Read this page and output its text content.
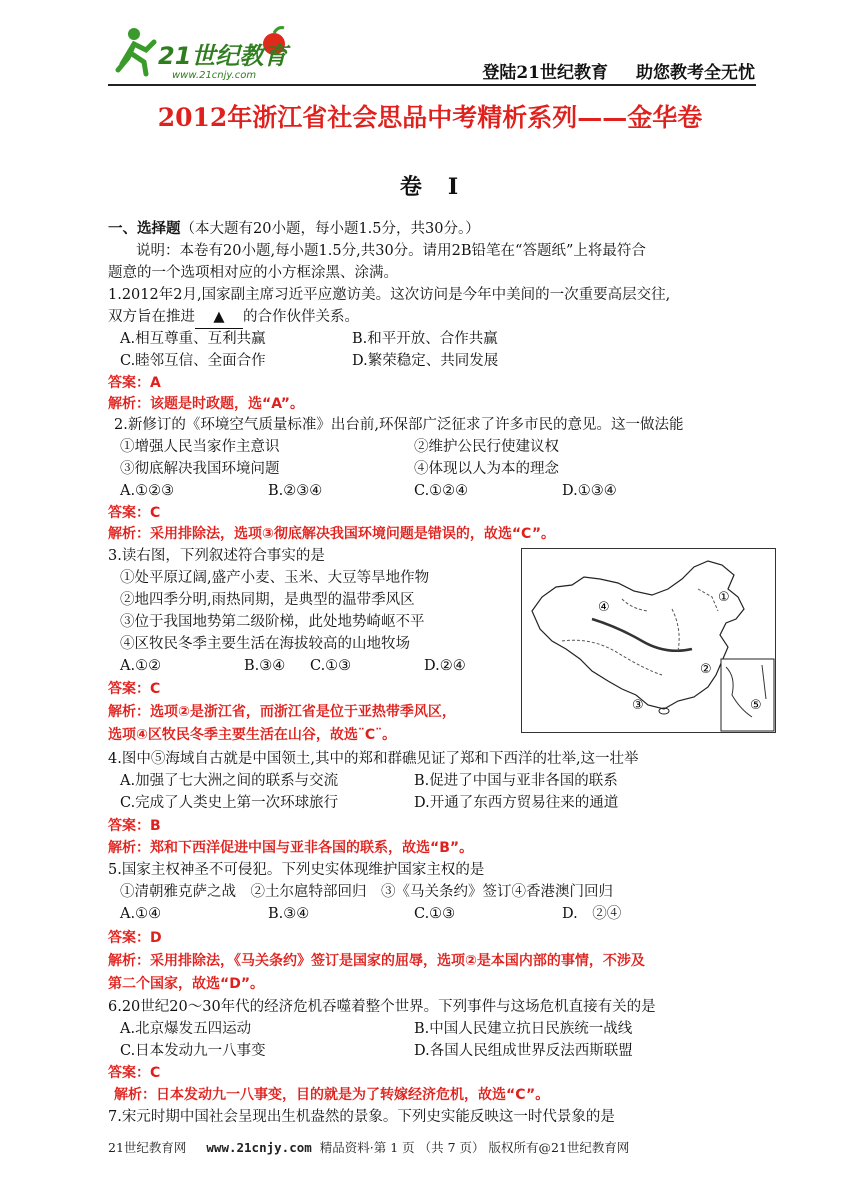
21世纪教育
www.21cnjy.com	登陆21世纪教育 助您教考全无忧
2012年浙江省社会思品中考精析系列——金华卷
卷　I
一、选择题（本大题有20小题，每小题1.5分，共30分。）
说明：本卷有20小题,每小题1.5分,共30分。请用2B铅笔在“答题纸”上将最符合
题意的一个选项相对应的小方框涂黑、涂满。
1.2012年2月,国家副主席习近平应邀访美。这次访问是今年中美间的一次重要高层交往,
双方旨在推进 ▲ 的合作伙伴关系。
A.相互尊重、互利共赢	B.和平开放、合作共赢
C.睦邻互信、全面合作	D.繁荣稳定、共同发展
答案：A
解析：该题是时政题，选“A”。
2.新修订的《环境空气质量标准》出台前,环保部广泛征求了许多市民的意见。这一做法能
①增强人民当家作主意识	②维护公民行使建议权
③彻底解决我国环境问题	④体现以人为本的理念
A.①②③	B.②③④	C.①②④	D.①③④
答案：C
解析：采用排除法，选项③彻底解决我国环境问题是错误的，故选“C”。
3.读右图，下列叙述符合事实的是
①处平原辽阔,盛产小麦、玉米、大豆等旱地作物
②地四季分明,雨热同期，是典型的温带季风区
③位于我国地势第二级阶梯，此处地势崎岖不平
④区牧民冬季主要生活在海拔较高的山地牧场
A.①②	B.③④ C.①③	D.②④
答案：C
解析：选项②是浙江省，而浙江省是位于亚热带季风区，
选项④区牧民冬季主要生活在山谷，故选¨C¨。
④
①
②
③	⑤
4.图中⑤海域自古就是中国领土,其中的郑和群礁见证了郑和下西洋的壮举,这一壮举
A.加强了七大洲之间的联系与交流	B.促进了中国与亚非各国的联系
C.完成了人类史上第一次环球旅行	D.开通了东西方贸易往来的通道
答案：B
解析：郑和下西洋促进中国与亚非各国的联系，故选“B”。
5.国家主权神圣不可侵犯。下列史实体现维护国家主权的是
①清朝雅克萨之战　②土尔扈特部回归　③《马关条约》签订④香港澳门回归
A.①④	B.③④	C.①③	D.　②④
答案：D
解析：采用排除法，《马关条约》签订是国家的屈辱，选项②是本国内部的事情，不涉及
第二个国家，故选“D”。
6.20世纪20～30年代的经济危机吞噬着整个世界。下列事件与这场危机直接有关的是
A.北京爆发五四运动	B.中国人民建立抗日民族统一战线
C.日本发动九一八事变	D.各国人民组成世界反法西斯联盟
答案：C
解析：日本发动九一八事变，目的就是为了转嫁经济危机，故选“C”。
7.宋元时期中国社会呈现出生机盎然的景象。下列史实能反映这一时代景象的是
21世纪教育网 www.21cnjy.com 精品资料·第 1 页 （共 7 页） 版权所有@21世纪教育网
